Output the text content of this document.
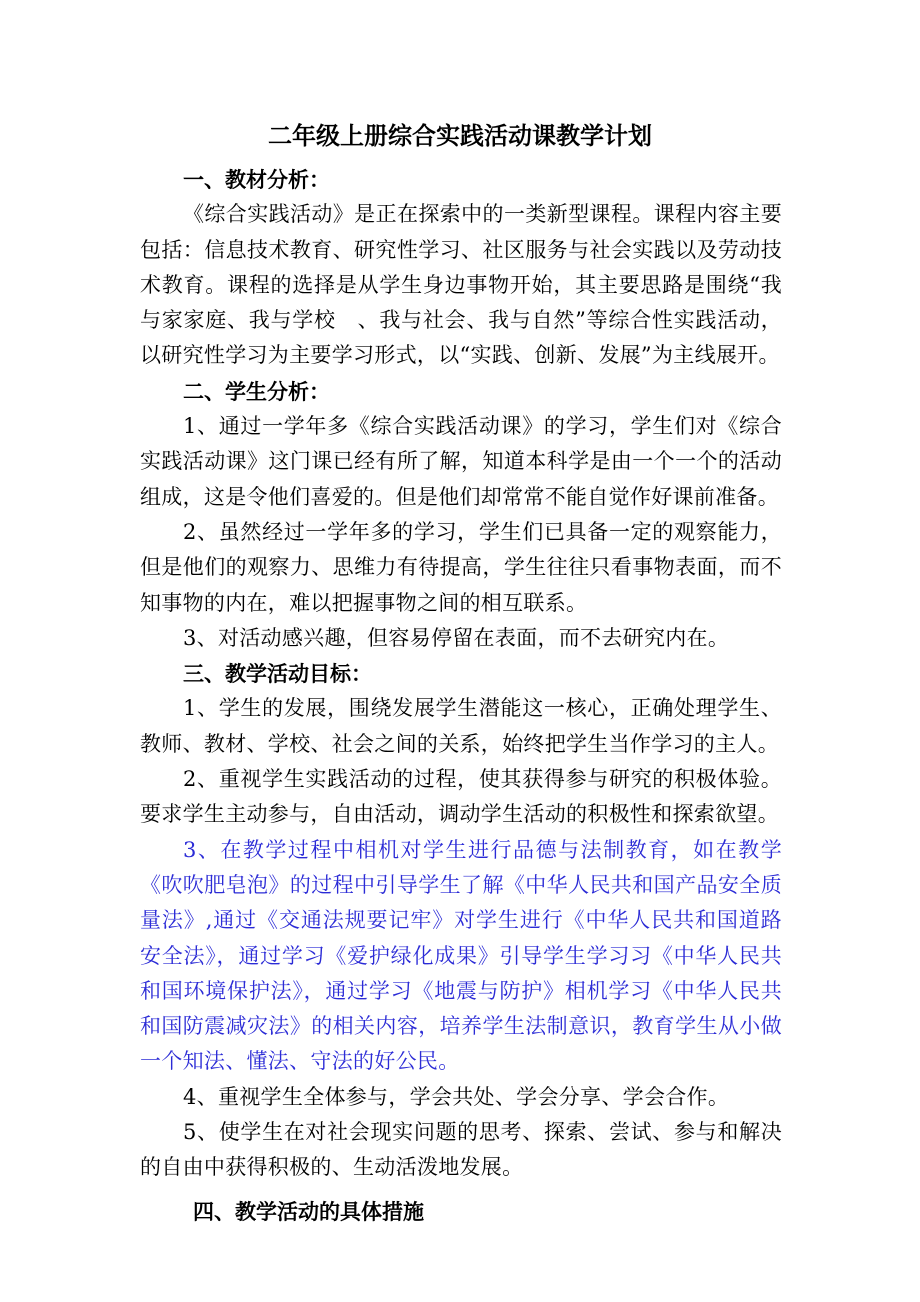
二年级上册综合实践活动课教学计划

一、教材分析：

《综合实践活动》是正在探索中的一类新型课程。课程内容主要包括：信息技术教育、研究性学习、社区服务与社会实践以及劳动技术教育。课程的选择是从学生身边事物开始，其主要思路是围绕“我与家家庭、我与学校　、我与社会、我与自然”等综合性实践活动，以研究性学习为主要学习形式，以“实践、创新、发展”为主线展开。

二、学生分析：

1、通过一学年多《综合实践活动课》的学习，学生们对《综合实践活动课》这门课已经有所了解，知道本科学是由一个一个的活动组成，这是令他们喜爱的。但是他们却常常不能自觉作好课前准备。

2、虽然经过一学年多的学习，学生们已具备一定的观察能力，但是他们的观察力、思维力有待提高，学生往往只看事物表面，而不知事物的内在，难以把握事物之间的相互联系。

3、对活动感兴趣，但容易停留在表面，而不去研究内在。

三、教学活动目标：

1、学生的发展，围绕发展学生潜能这一核心，正确处理学生、教师、教材、学校、社会之间的关系，始终把学生当作学习的主人。

2、重视学生实践活动的过程，使其获得参与研究的积极体验。要求学生主动参与，自由活动，调动学生活动的积极性和探索欲望。

3、在教学过程中相机对学生进行品德与法制教育，如在教学《吹吹肥皂泡》的过程中引导学生了解《中华人民共和国产品安全质量法》,通过《交通法规要记牢》对学生进行《中华人民共和国道路安全法》，通过学习《爱护绿化成果》引导学生学习习《中华人民共和国环境保护法》，通过学习《地震与防护》相机学习《中华人民共和国防震减灾法》的相关内容，培养学生法制意识，教育学生从小做一个知法、懂法、守法的好公民。

4、重视学生全体参与，学会共处、学会分享、学会合作。

5、使学生在对社会现实问题的思考、探索、尝试、参与和解决的自由中获得积极的、生动活泼地发展。

四、教学活动的具体措施
